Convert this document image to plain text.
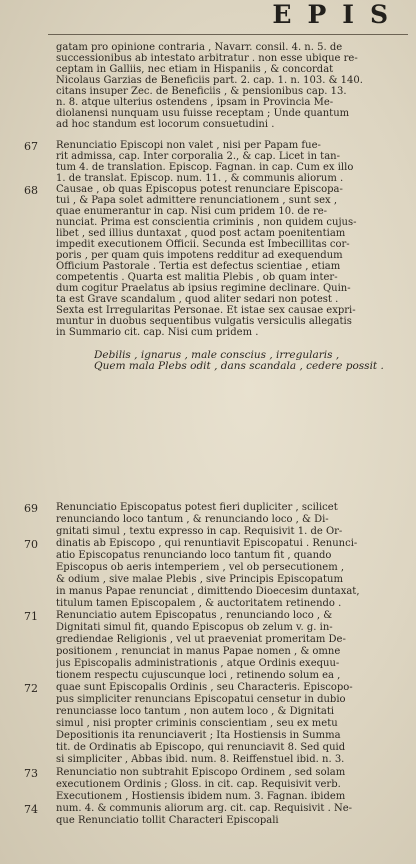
EPIS
gatam pro opinione contraria , Navarr. consil. 4. n. 5. de
successionibus ab intestato arbitratur . non esse ubique re-
ceptam in Galliis, nec etiam in Hispaniis , & concordat
Nicolaus Garzias de Beneficiis part. 2. cap. 1. n. 103. & 140.
citans insuper Zec. de Beneficiis , & pensionibus cap. 13.
n. 8. atque ulterius ostendens , ipsam in Provincia Me-
diolanensi nunquam usu fuisse receptam ; Unde quantum
ad hoc standum est locorum consuetudini .
Renunciatio Episcopi non valet , nisi per Papam fue-
rit admissa, cap. Inter corporalia 2., & cap. Licet in tan-
tum 4. de translation. Episcop. Fagnan. in cap. Cum ex illo
1. de translat. Episcop. num. 11. , & communis aliorum .
Causae , ob quas Episcopus potest renunciare Episcopa-
tui , & Papa solet admittere renunciationem , sunt sex ,
quae enumerantur in cap. Nisi cum pridem 10. de re-
nunciat. Prima est conscientia criminis , non quidem cujus-
libet , sed illius duntaxat , quod post actam poenitentiam
impedit executionem Officii. Secunda est Imbecillitas cor-
poris , per quam quis impotens redditur ad exequendum
Officium Pastorale . Tertia est defectus scientiae , etiam
competentis . Quarta est malitia Plebis , ob quam inter-
dum cogitur Praelatus ab ipsius regimine declinare. Quin-
ta est Grave scandalum , quod aliter sedari non potest .
Sexta est Irregularitas Personae. Et istae sex causae expri-
muntur in duobus sequentibus vulgatis versiculis allegatis
in Summario cit. cap. Nisi cum pridem .
Debilis , ignarus , male conscius , irregularis ,
Quem mala Plebs odit , dans scandala , cedere possit .
Renunciatio Episcopatus potest fieri dupliciter , scilicet
renunciando loco tantum , & renunciando loco , & Di-
gnitati simul , textu expresso in cap. Requisivit 1. de Or-
dinatis ab Episcopo , qui renuntiavit Episcopatui . Renunci-
atio Episcopatus renunciando loco tantum fit , quando
Episcopus ob aeris intemperiem , vel ob persecutionem ,
& odium , sive malae Plebis , sive Principis Episcopatum
in manus Papae renunciat , dimittendo Dioecesim duntaxat,
titulum tamen Episcopalem , & auctoritatem retinendo .
Renunciatio autem Episcopatus , renunciando loco , &
Dignitati simul fit, quando Episcopus ob zelum v. g. in-
grediendae Religionis , vel ut praeveniat promeritam De-
positionem , renunciat in manus Papae nomen , & omne
jus Episcopalis administrationis , atque Ordinis exequu-
tionem respectu cujuscunque loci , retinendo solum ea ,
quae sunt Episcopalis Ordinis , seu Characteris. Episcopo-
pus simpliciter renuncians Episcopatui censetur in dubio
renunciasse loco tantum , non autem loco , & Dignitati
simul , nisi propter criminis conscientiam , seu ex metu
Depositionis ita renunciaverit ; Ita Hostiensis in Summa
tit. de Ordinatis ab Episcopo, qui renunciavit 8. Sed quid
si simpliciter , Abbas ibid. num. 8. Reiffenstuel ibid. n. 3.
Renunciatio non subtrahit Episcopo Ordinem , sed solam
executionem Ordinis ; Gloss. in cit. cap. Requisivit verb.
Executionem , Hostiensis ibidem num. 3. Fagnan. ibidem
num. 4. & communis aliorum arg. cit. cap. Requisivit . Ne-
que Renunciatio tollit Characteri Episcopali
67
68
69
70
71
72
73
74
